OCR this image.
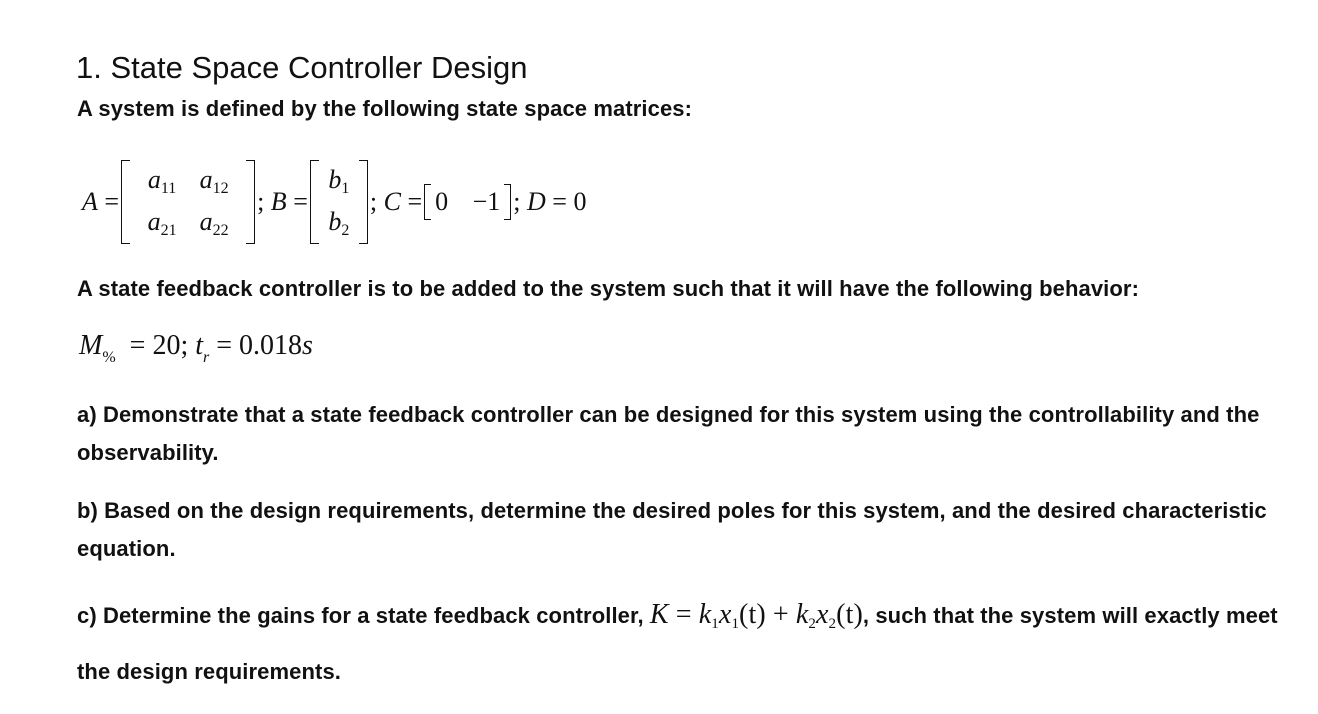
1. State Space Controller Design

A system is defined by the following state space matrices:

A =
$a_{11}$ $a_{12}$
$a_{21}$ $a_{22}$
; B =
$b_1$
$b_2$
; C = 0 −1 ; D = 0

A state feedback controller is to be added to the system such that it will have the following behavior:

$M_{\%} = 20$; $t_r = 0.018s$

a) Demonstrate that a state feedback controller can be designed for this system using the controllability and the observability.

b) Based on the design requirements, determine the desired poles for this system, and the desired characteristic equation.

c) Determine the gains for a state feedback controller, $K = k_1x_1(t) + k_2x_2(t)$, such that the system will exactly meet the design requirements.
